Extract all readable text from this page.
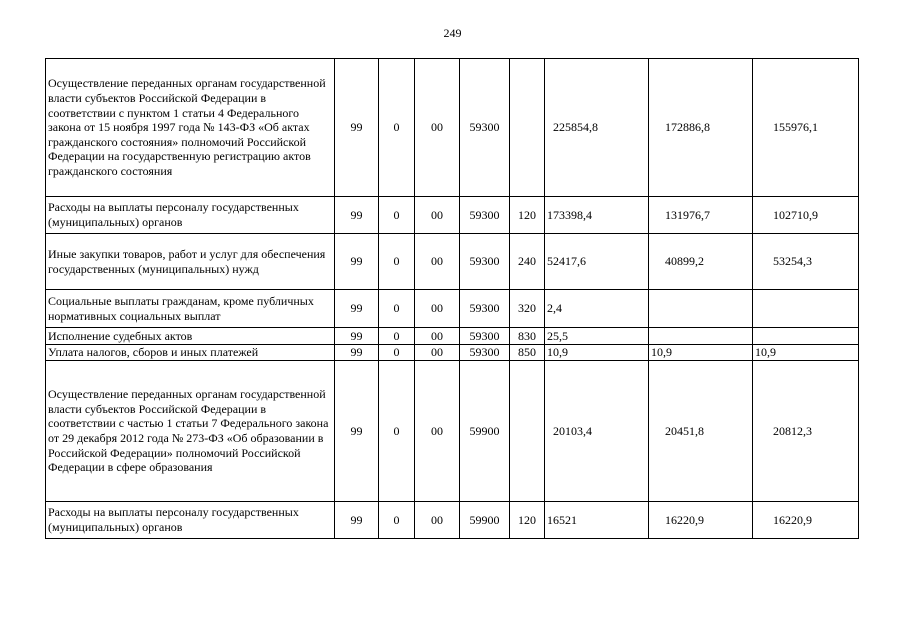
249
Осуществление переданных органам государственной власти субъектов Российской Федерации в соответствии с пунктом 1 статьи 4 Федерального закона от 15 ноября 1997 года № 143-ФЗ «Об актах гражданского состояния» полномочий Российской Федерации на государственную регистрацию актов гражданского состояния	99	0	00	59300		225854,8	172886,8	155976,1
Расходы на выплаты персоналу государственных (муниципальных) органов	99	0	00	59300	120	173398,4	131976,7	102710,9
Иные закупки товаров, работ и услуг для обеспечения государственных (муниципальных) нужд	99	0	00	59300	240	52417,6	40899,2	53254,3
Социальные выплаты гражданам, кроме публичных нормативных социальных выплат	99	0	00	59300	320	2,4		
Исполнение судебных актов	99	0	00	59300	830	25,5		
Уплата налогов, сборов и иных платежей	99	0	00	59300	850	10,9	10,9	10,9
Осуществление переданных органам государственной власти субъектов Российской Федерации в соответствии с частью 1 статьи 7 Федерального закона от 29 декабря 2012 года № 273-ФЗ «Об образовании в Российской Федерации» полномочий Российской Федерации в сфере образования	99	0	00	59900		20103,4	20451,8	20812,3
Расходы на выплаты персоналу государственных (муниципальных) органов	99	0	00	59900	120	16521	16220,9	16220,9
